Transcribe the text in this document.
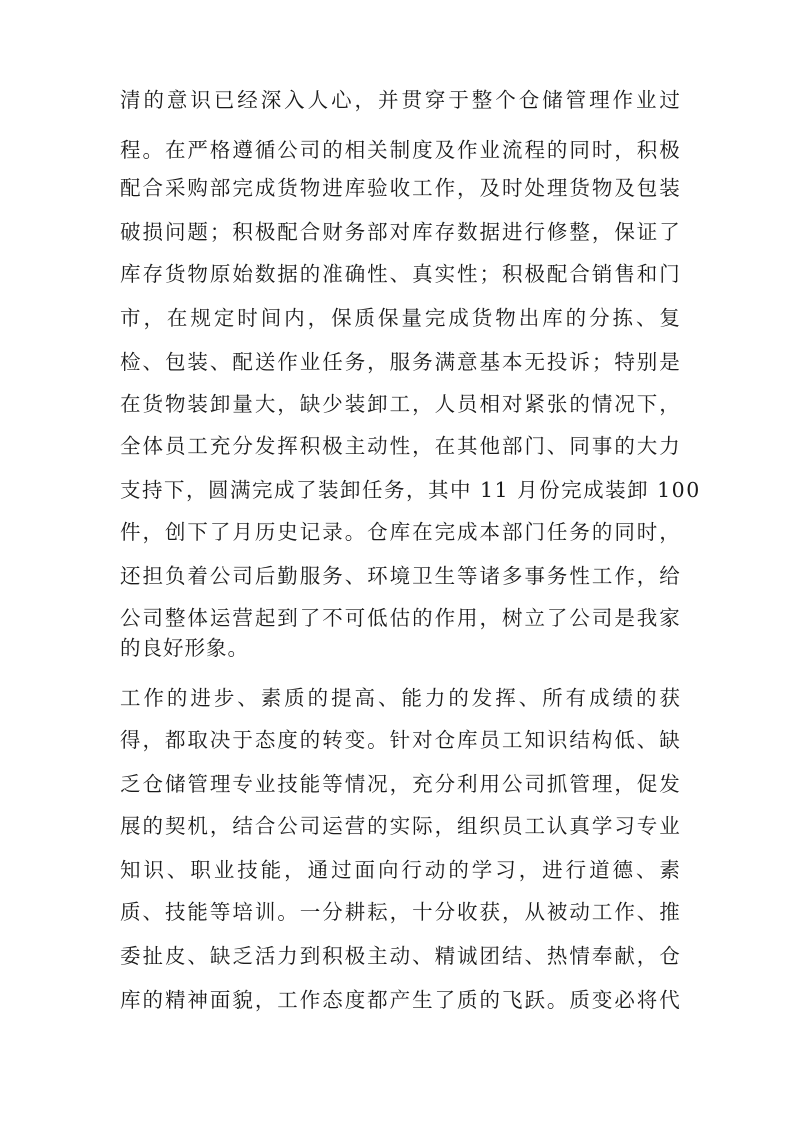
清 的 意 识 已 经 深 入 人 心 ， 并 贯 穿 于 整 个 仓 储 管 理 作 业 过
程 。 在 严 格 遵 循 公 司 的 相 关 制 度 及 作 业 流 程 的 同 时 ， 积 极
配 合 采 购 部 完 成 货 物 进 库 验 收 工 作 ， 及 时 处 理 货 物 及 包 装
破 损 问 题 ； 积 极 配 合 财 务 部 对 库 存 数 据 进 行 修 整 ， 保 证 了
库 存 货 物 原 始 数 据 的 准 确 性 、 真 实 性 ； 积 极 配 合 销 售 和 门
市 ， 在 规 定 时 间 内 ， 保 质 保 量 完 成 货 物 出 库 的 分 拣 、 复
检 、 包 装 、 配 送 作 业 任 务 ， 服 务 满 意 基 本 无 投 诉 ； 特 别 是
在 货 物 装 卸 量 大 ， 缺 少 装 卸 工 ， 人 员 相 对 紧 张 的 情 况 下 ，
全 体 员 工 充 分 发 挥 积 极 主 动 性 ， 在 其 他 部 门 、 同 事 的 大 力
支持下，圆满完成了装卸任务，其中 11 月份完成装卸 100
件 ， 创 下 了 月 历 史 记 录 。 仓 库 在 完 成 本 部 门 任 务 的 同 时 ，
还 担 负 着 公 司 后 勤 服 务 、 环 境 卫 生 等 诸 多 事 务 性 工 作 ， 给
公 司 整 体 运 营 起 到 了 不 可 低 估 的 作 用 ， 树 立 了 公 司 是 我 家
的良好形象。
工 作 的 进 步 、 素 质 的 提 高 、 能 力 的 发 挥 、 所 有 成 绩 的 获
得 ， 都 取 决 于 态 度 的 转 变 。 针 对 仓 库 员 工 知 识 结 构 低 、 缺
乏 仓 储 管 理 专 业 技 能 等 情 况 ， 充 分 利 用 公 司 抓 管 理 ， 促 发
展 的 契 机 ， 结 合 公 司 运 营 的 实 际 ， 组 织 员 工 认 真 学 习 专 业
知 识 、 职 业 技 能 ， 通 过 面 向 行 动 的 学 习 ， 进 行 道 德 、 素
质 、 技 能 等 培 训 。 一 分 耕 耘 ， 十 分 收 获 ， 从 被 动 工 作 、 推
委 扯 皮 、 缺 乏 活 力 到 积 极 主 动 、 精 诚 团 结 、 热 情 奉 献 ， 仓
库 的 精 神 面 貌 ， 工 作 态 度 都 产 生 了 质 的 飞 跃 。 质 变 必 将 代
